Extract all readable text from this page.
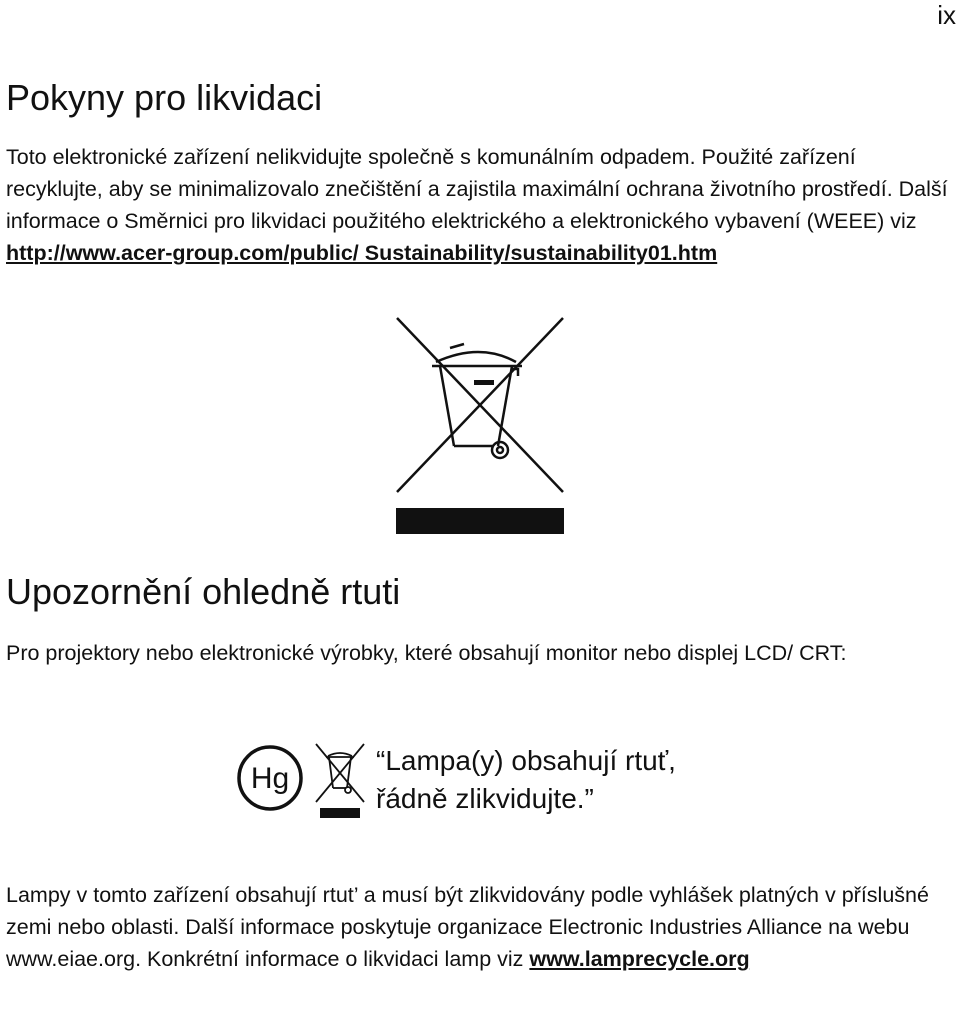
ix
Pokyny pro likvidaci

Toto elektronické zařízení nelikvidujte společně s komunálním odpadem. Použité zařízení recyklujte, aby se minimalizovalo znečištění a zajistila maximální ochrana životního prostředí. Další informace o Směrnici pro likvidaci použitého elektrického a elektronického vybavení (WEEE) viz http://www.acer-group.com/public/ Sustainability/sustainability01.htm

Upozornění ohledně rtuti

Pro projektory nebo elektronické výrobky, které obsahují monitor nebo displej LCD/ CRT:

Hg
“Lampa(y) obsahují rtuť,
řádně zlikvidujte.”

Lampy v tomto zařízení obsahují rtut’ a musí být zlikvidovány podle vyhlášek platných v příslušné zemi nebo oblasti. Další informace poskytuje organizace Electronic Industries Alliance na webu www.eiae.org. Konkrétní informace o likvidaci lamp viz www.lamprecycle.org
